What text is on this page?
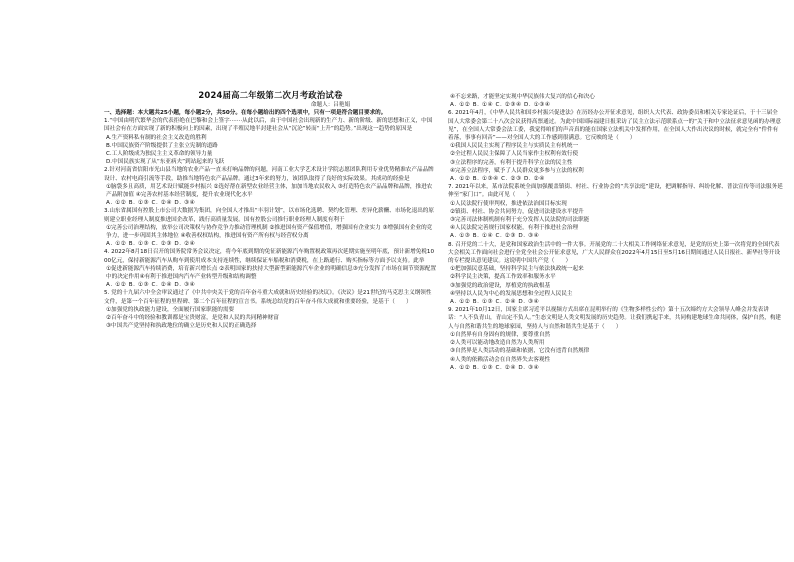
2024届高二年级第二次月考政治试卷
命题人：吕艳娟

一、选择题：本大题共25小题，每小题2分，共50分。在每小题给出的四个选项中，只有一项是符合题目要求的。

1.“中国由明代繁华会的代表拒绝在巴黎和会上签字·······从此以后，由于中国社会出现新的生产力、新的阶级、新的思想和正义，中国国社会有在方面实现了新的积极向上的因素，出现了半殖民地半封建社会从“沉沦”转而“上升”的趋势。”出现这一趋势的原因是

A.生产资料私有制的社会主义改造的胜利

B.中国民族资产阶级提供了主张立宪制的道路

C.工人阶级成为独民主主义革命的领导力量

D.中国民族实现了从“东亚病夫”到站起来的飞跃

2.针对河南省信阳市光山县当地的农业产品一直未打响品牌的问题，河南工业大学艺术设计学院志愿团队利用专业优势精准农产品品牌设计、农村电商引流等手段，助推当地特色农产品品牌。通过3年来的努力，该团队取得了良好的实际效果。其成功的经验是

①脑袋多且高质，用艺术设计赋能乡村振兴 ②选好帮在新型农业经营主体，加加当地农民收入 ③打造特色农产品品牌和品牌，推进农产品附加值 ④完善农村基本经营制度，提升农业现代化水平

A. ①② B. ①③ C. ②④ D. ③④

3.山东省属国有控股上市公司大数据为集团，向全国人才推出“丰羽计划”，以市场化选聘、契约化管理、差异化薪酬、市场化退出的原则建立职业经理人制度推进国企改革，践行高质量发展。国有控股公司推行职业经理人制度有利于

①完善公司治理结构，放举公司决策权与协作竞争力推动管理机制 ②推进国有资产保值增值，增强国有企业实力 ③增强国有企业的竞争力，进一步巩固其主体地位 ④收善权权结构，推进国有资产所有权与经营权分离

A. ①② B. ①③ C. ②③ D. ②④

4. 2022年8月18日召开的国务院常务会议决定，将今年底到期的免征新能源汽车购置税政策再次延期实施至明年底，预计新增免税1000亿元，保持新能源汽车从购车到使用成本支持连续性，继续保证车船税和消费税，在上路通行、购买指标等方面予以支持。此举

①促进新能源汽车持续消费，培育新兴增长点 ②表明国家的扶持大型新型新能源汽车企业的明确信息③充分发挥了市场在调节资源配置中的决定作用④有利于推进国内汽车产业转型升级和结构调整

A. ①② B. ①③ C. ②④ D. ③④

5. 党的十九届六中全会审议通过了《中共中央关于党的百年奋斗重大成就和历史经验的决议》。《决议》是21世纪的马克思主义纲领性文件，是第一个百年征程的里程碑、第二个百年征程的宣言书。系统总结党的百年奋斗伟大成就和重要经验，是基于（　　）

①加强党的执政能力建设，全面履行国家职能的需要

②百年奋斗中的经验和教训都是宝贵财富，是党和人民的共同精神财富

③中国共产党坚持和执政地位的确立是历史和人民的正确选择

④不忘来路，才能坚定实现中华民族伟大复兴的信心和决心

A. ①② B. ①④ C. ②③④ D. ①③④

6. 2021年4月，《中华人民共和国乡村振兴促进法》在历经办公开征求意见，组织人大代表、政协委员和相关专家论证后，于十三届全国人大常委会第二十八次会议获得高票通过。为此中国国际福建日报采访了民主立法示范联系点一的“关于和中立法征求意见函的办理意见”，在全国人大常委会法工委，我觉得咱们的声音真的能在国家立法机关中发挥作用，在全国人大作出决议的时候，就完全有“件件有着落，事事有回音”——对全国人大的工作感到很满意。它反映的是（　　）

①我国人民民主实现了程序民主与实质民主有机统一

②全过程人民民主保障了人民当家作主权利有效行使

③立法程序的完善，有利于提升科学立法的民主性

④完善立法程序，赋予了人民群众更多参与立法的权利

A. ①② B. ①③④ C. ②③ D. ②④

7. 2021年以来，某市法院系统全面加强覆盖镇街、村社、行业协会的“共享法庭”建设，把调解指导、纠纷化解、普法宣传等司法服务延伸至“家门口”。由此可见（　　）

①人民法院行使审判权，推进依法治国目标实现

②镇街、村社、协会共同努力，促进司法建设水平提升

③完善司法体制机制有利于充分发挥人民法院的司法职能

④人民法院完善规行国家权能，有利于推进社会治理

A. ①③ B. ①④ C. ②③ D. ③④

8. 召开党的二十大，是党和国家政治生活中的一件大事。开展党的二十大相关工作网络征求意见，是党的历史上第一次将党的全国代表大会相关工作面向社会进行全党全社会公开征求意见，广大人民群众在2022年4月15日至5月16日期间通过人民日报社、新华社等开设的专栏提出意见建议。这说明中国共产党（　　）

①把加强民意基础，坚持科学民主与依法执政统一起来

②科学民主决策，提高工作效率和服务水平

③加强党的政治建设，厚植党的执政根基

④坚持以人民为中心的发展思想和全过程人民民主

A. ①② B. ①③ C. ②④ D. ③④

9. 2021年10月12日，国家主席习近平以视频方式出席在昆明举行的《生物多样性公约》第十五次缔约方大会领导人峰会并发表讲话：“人不负青山，青山定不负人。”生态文明是人类文明发展的历史趋势。让我们携起手来，共同构建地球生命共同体，保护自然，构建人与自然和谐共生的地球家园，坚持人与自然和谐共生是基于（　　）

①自然界有自身固有的规律，要尊重自然

②人类可以能动地改造自然为人类所用

③自然界是人类活动的基础和依据，它没有违背自然规律

④人类的依赖活动会在自然界失去客观性

A. ①② B. ①③ C. ②④ D. ③④
